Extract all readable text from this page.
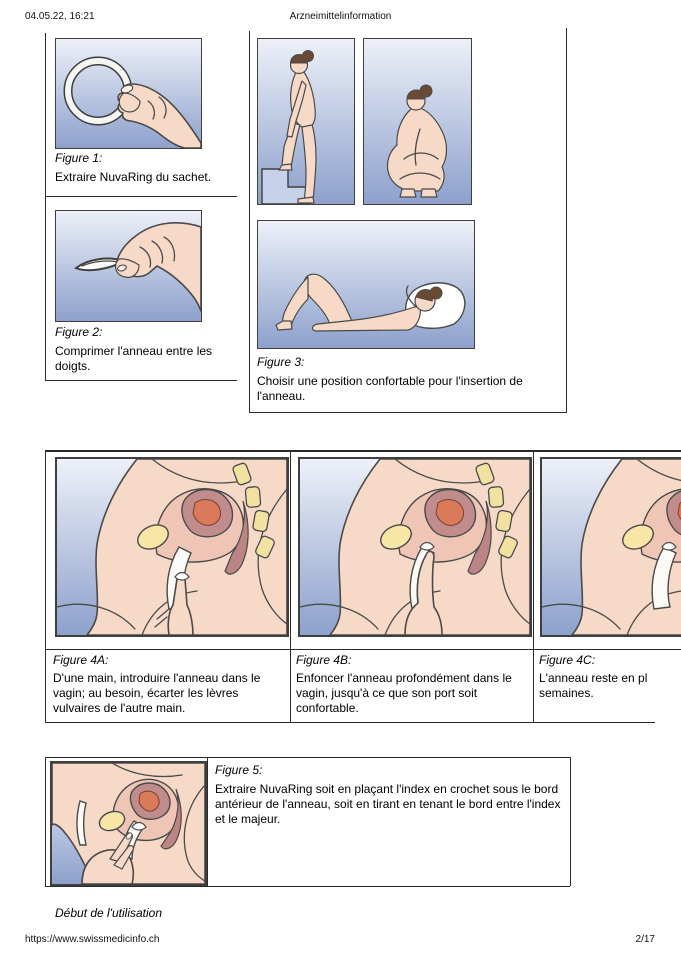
04.05.22, 16:21	Arzneimittelinformation
Figure 1:
Extraire NuvaRing du sachet.
Figure 2:
Comprimer l'anneau entre les doigts.	Figure 3:
Choisir une position confortable pour l'insertion de l'anneau.
Figure 4A:
D'une main, introduire l'anneau dans le vagin; au besoin, écarter les lèvres vulvaires de l'autre main.
Figure 4B:
Enfoncer l'anneau profondément dans le vagin, jusqu'à ce que son port soit confortable.
Figure 4C:
L'anneau reste en pl
semaines.
Figure 5:
Extraire NuvaRing soit en plaçant l'index en crochet sous le bord antérieur de l'anneau, soit en tirant en tenant le bord entre l'index et le majeur.
Début de l'utilisation
https://www.swissmedicinfo.ch	2/17
